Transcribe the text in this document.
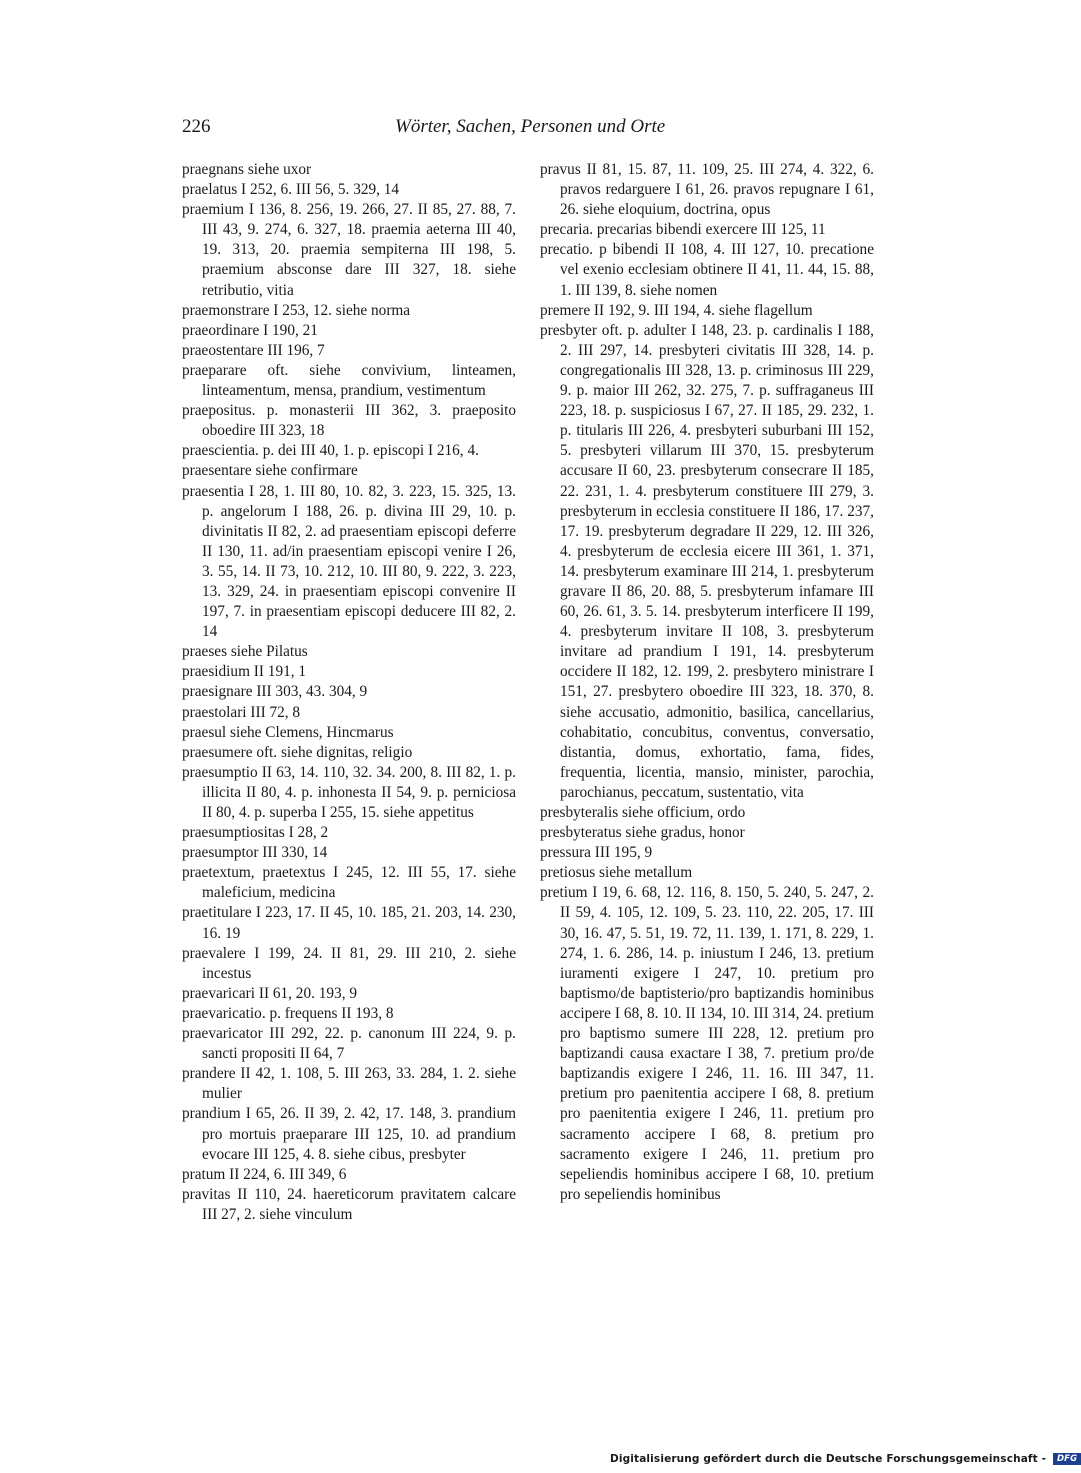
226	Wörter, Sachen, Personen und Orte

praegnans siehe uxor

praelatus I 252, 6. III 56, 5. 329, 14

praemium I 136, 8. 256, 19. 266, 27. II 85, 27. 88, 7. III 43, 9. 274, 6. 327, 18. praemia aeterna III 40, 19. 313, 20. praemia sempiterna III 198, 5. praemium absconse dare III 327, 18. siehe retributio, vitia

praemonstrare I 253, 12. siehe norma

praeordinare I 190, 21

praeostentare III 196, 7

praeparare oft. siehe convivium, linteamen, linteamentum, mensa, prandium, vestimentum

praepositus. p. monasterii III 362, 3. praeposito oboedire III 323, 18

praescientia. p. dei III 40, 1. p. episcopi I 216, 4.

praesentare siehe confirmare

praesentia I 28, 1. III 80, 10. 82, 3. 223, 15. 325, 13. p. angelorum I 188, 26. p. divina III 29, 10. p. divinitatis II 82, 2. ad praesentiam episcopi deferre II 130, 11. ad/in praesentiam episcopi venire I 26, 3. 55, 14. II 73, 10. 212, 10. III 80, 9. 222, 3. 223, 13. 329, 24. in praesentiam episcopi convenire II 197, 7. in praesentiam episcopi deducere III 82, 2. 14

praeses siehe Pilatus

praesidium II 191, 1

praesignare III 303, 43. 304, 9

praestolari III 72, 8

praesul siehe Clemens, Hincmarus

praesumere oft. siehe dignitas, religio

praesumptio II 63, 14. 110, 32. 34. 200, 8. III 82, 1. p. illicita II 80, 4. p. inhonesta II 54, 9. p. perniciosa II 80, 4. p. superba I 255, 15. siehe appetitus

praesumptiositas I 28, 2

praesumptor III 330, 14

praetextum, praetextus I 245, 12. III 55, 17. siehe maleficium, medicina

praetitulare I 223, 17. II 45, 10. 185, 21. 203, 14. 230, 16. 19

praevalere I 199, 24. II 81, 29. III 210, 2. siehe incestus

praevaricari II 61, 20. 193, 9

praevaricatio. p. frequens II 193, 8

praevaricator III 292, 22. p. canonum III 224, 9. p. sancti propositi II 64, 7

prandere II 42, 1. 108, 5. III 263, 33. 284, 1. 2. siehe mulier

prandium I 65, 26. II 39, 2. 42, 17. 148, 3. prandium pro mortuis praeparare III 125, 10. ad prandium evocare III 125, 4. 8. siehe cibus, presbyter

pratum II 224, 6. III 349, 6

pravitas II 110, 24. haereticorum pravitatem calcare III 27, 2. siehe vinculum

pravus II 81, 15. 87, 11. 109, 25. III 274, 4. 322, 6. pravos redarguere I 61, 26. pravos repugnare I 61, 26. siehe eloquium, doctrina, opus

precaria. precarias bibendi exercere III 125, 11

precatio. p bibendi II 108, 4. III 127, 10. precatione vel exenio ecclesiam obtinere II 41, 11. 44, 15. 88, 1. III 139, 8. siehe nomen

premere II 192, 9. III 194, 4. siehe flagellum

presbyter oft. p. adulter I 148, 23. p. cardinalis I 188, 2. III 297, 14. presbyteri civitatis III 328, 14. p. congregationalis III 328, 13. p. criminosus III 229, 9. p. maior III 262, 32. 275, 7. p. suffraganeus III 223, 18. p. suspiciosus I 67, 27. II 185, 29. 232, 1. p. titularis III 226, 4. presbyteri suburbani III 152, 5. presbyteri villarum III 370, 15. presbyterum accusare II 60, 23. presbyterum consecrare II 185, 22. 231, 1. 4. presbyterum constituere III 279, 3. presbyterum in ecclesia constituere II 186, 17. 237, 17. 19. presbyterum degradare II 229, 12. III 326, 4. presbyterum de ecclesia eicere III 361, 1. 371, 14. presbyterum examinare III 214, 1. presbyterum gravare II 86, 20. 88, 5. presbyterum infamare III 60, 26. 61, 3. 5. 14. presbyterum interficere II 199, 4. presbyterum invitare II 108, 3. presbyterum invitare ad prandium I 191, 14. presbyterum occidere II 182, 12. 199, 2. presbytero ministrare I 151, 27. presbytero oboedire III 323, 18. 370, 8. siehe accusatio, admonitio, basilica, cancellarius, cohabitatio, concubitus, conventus, conversatio, distantia, domus, exhortatio, fama, fides, frequentia, licentia, mansio, minister, parochia, parochianus, peccatum, sustentatio, vita

presbyteralis siehe officium, ordo

presbyteratus siehe gradus, honor

pressura III 195, 9

pretiosus siehe metallum

pretium I 19, 6. 68, 12. 116, 8. 150, 5. 240, 5. 247, 2. II 59, 4. 105, 12. 109, 5. 23. 110, 22. 205, 17. III 30, 16. 47, 5. 51, 19. 72, 11. 139, 1. 171, 8. 229, 1. 274, 1. 6. 286, 14. p. iniustum I 246, 13. pretium iuramenti exigere I 247, 10. pretium pro baptismo/de baptisterio/pro baptizandis hominibus accipere I 68, 8. 10. II 134, 10. III 314, 24. pretium pro baptismo sumere III 228, 12. pretium pro baptizandi causa exactare I 38, 7. pretium pro/de baptizandis exigere I 246, 11. 16. III 347, 11. pretium pro paenitentia accipere I 68, 8. pretium pro paenitentia exigere I 246, 11. pretium pro sacramento accipere I 68, 8. pretium pro sacramento exigere I 246, 11. pretium pro sepeliendis hominibus accipere I 68, 10. pretium pro sepeliendis hominibus

Digitalisierung gefördert durch die Deutsche Forschungsgemeinschaft - DFG
